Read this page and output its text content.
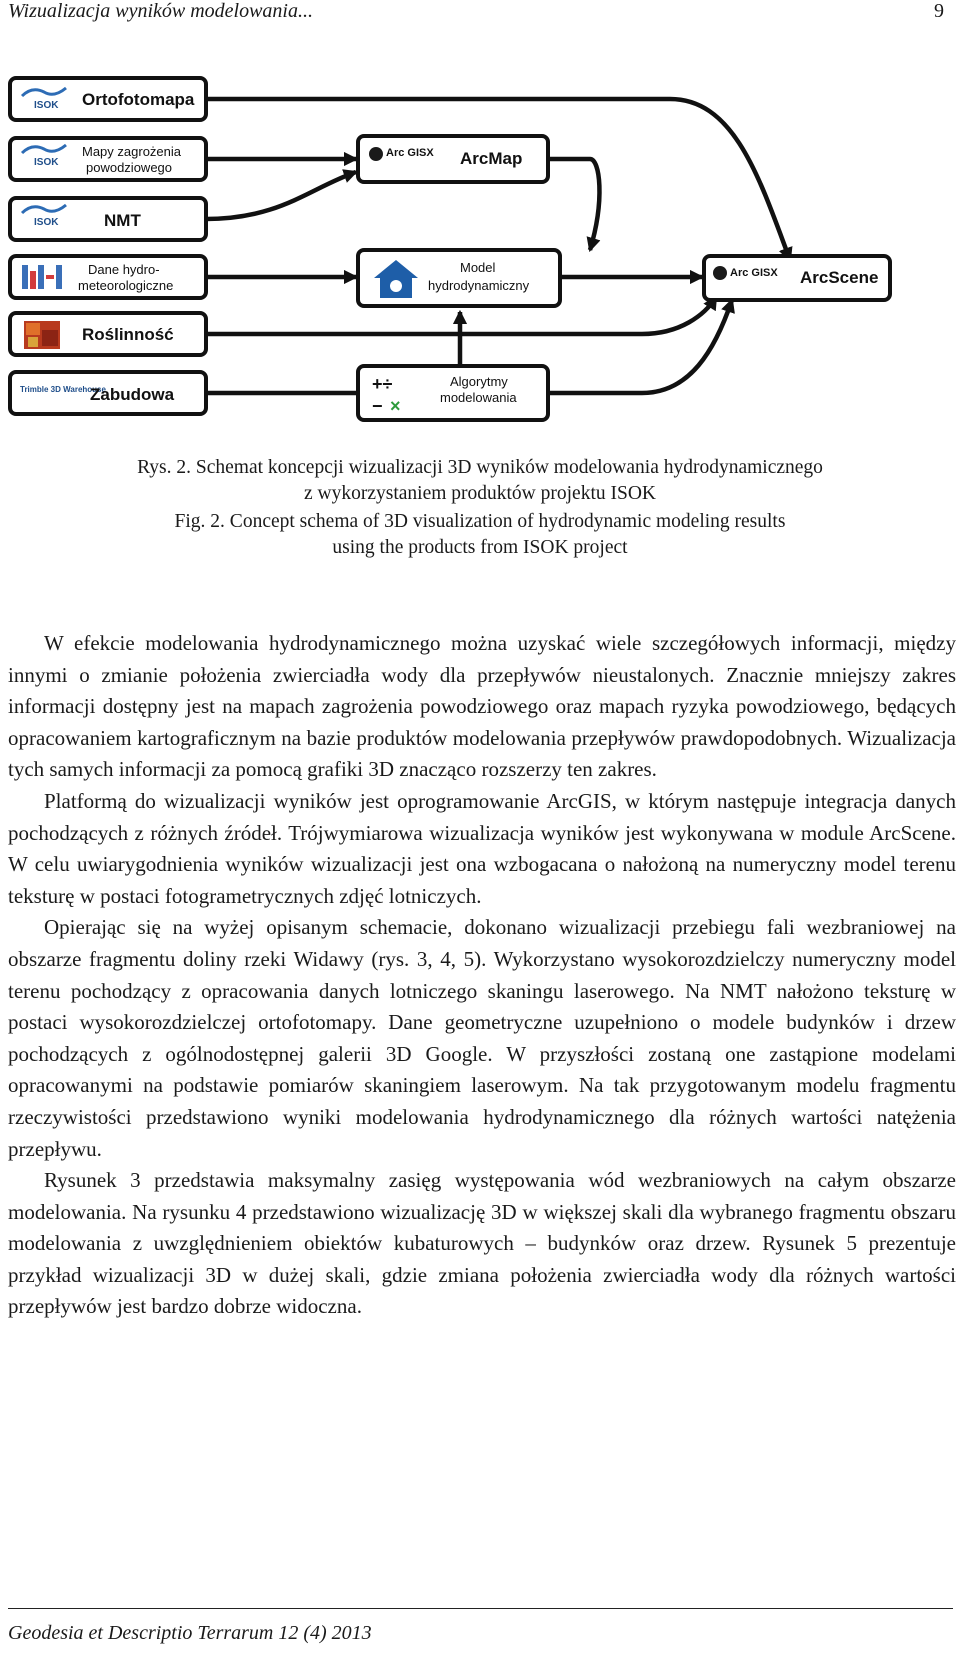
Wizualizacja wyników modelowania...	9
ISOK Ortofotomapa
ISOK
Mapy zagrożenia
powodziowego
ISOK	NMT
Dane hydro-
meteorologiczne
Roślinność
Trimble 3D Warehouse
Zabudowa
Arc GISX ArcMap
Model
hydrodynamiczny
+÷
− ×
Algorytmy
modelowania
Arc GISX ArcScene
Rys. 2. Schemat koncepcji wizualizacji 3D wyników modelowania hydrodynamicznego
z wykorzystaniem produktów projektu ISOK
Fig. 2. Concept schema of 3D visualization of hydrodynamic modeling results
using the products from ISOK project

W efekcie modelowania hydrodynamicznego można uzyskać wiele szczegółowych informacji, między innymi o zmianie położenia zwierciadła wody dla przepływów nieustalonych. Znacznie mniejszy zakres informacji dostępny jest na mapach zagrożenia powodziowego oraz mapach ryzyka powodziowego, będących opracowaniem kartograficznym na bazie produktów modelowania przepływów prawdopodobnych. Wizualizacja tych samych informacji za pomocą grafiki 3D znacząco rozszerzy ten zakres.

Platformą do wizualizacji wyników jest oprogramowanie ArcGIS, w którym następuje integracja danych pochodzących z różnych źródeł. Trójwymiarowa wizualizacja wyników jest wykonywana w module ArcScene. W celu uwiarygodnienia wyników wizualizacji jest ona wzbogacana o nałożoną na numeryczny model terenu teksturę w postaci fotogrametrycznych zdjęć lotniczych.

Opierając się na wyżej opisanym schemacie, dokonano wizualizacji przebiegu fali wezbraniowej na obszarze fragmentu doliny rzeki Widawy (rys. 3, 4, 5). Wykorzystano wysokorozdzielczy numeryczny model terenu pochodzący z opracowania danych lotniczego skaningu laserowego. Na NMT nałożono teksturę w postaci wysokorozdzielczej ortofotomapy. Dane geometryczne uzupełniono o modele budynków i drzew pochodzących z ogólnodostępnej galerii 3D Google. W przyszłości zostaną one zastąpione modelami opracowanymi na podstawie pomiarów skaningiem laserowym. Na tak przygotowanym modelu fragmentu rzeczywistości przedstawiono wyniki modelowania hydrodynamicznego dla różnych wartości natężenia przepływu.

Rysunek 3 przedstawia maksymalny zasięg występowania wód wezbraniowych na całym obszarze modelowania. Na rysunku 4 przedstawiono wizualizację 3D w większej skali dla wybranego fragmentu obszaru modelowania z uwzględnieniem obiektów kubaturowych – budynków oraz drzew. Rysunek 5 prezentuje przykład wizualizacji 3D w dużej skali, gdzie zmiana położenia zwierciadła wody dla różnych wartości przepływów jest bardzo dobrze widoczna.

Geodesia et Descriptio Terrarum 12 (4) 2013
